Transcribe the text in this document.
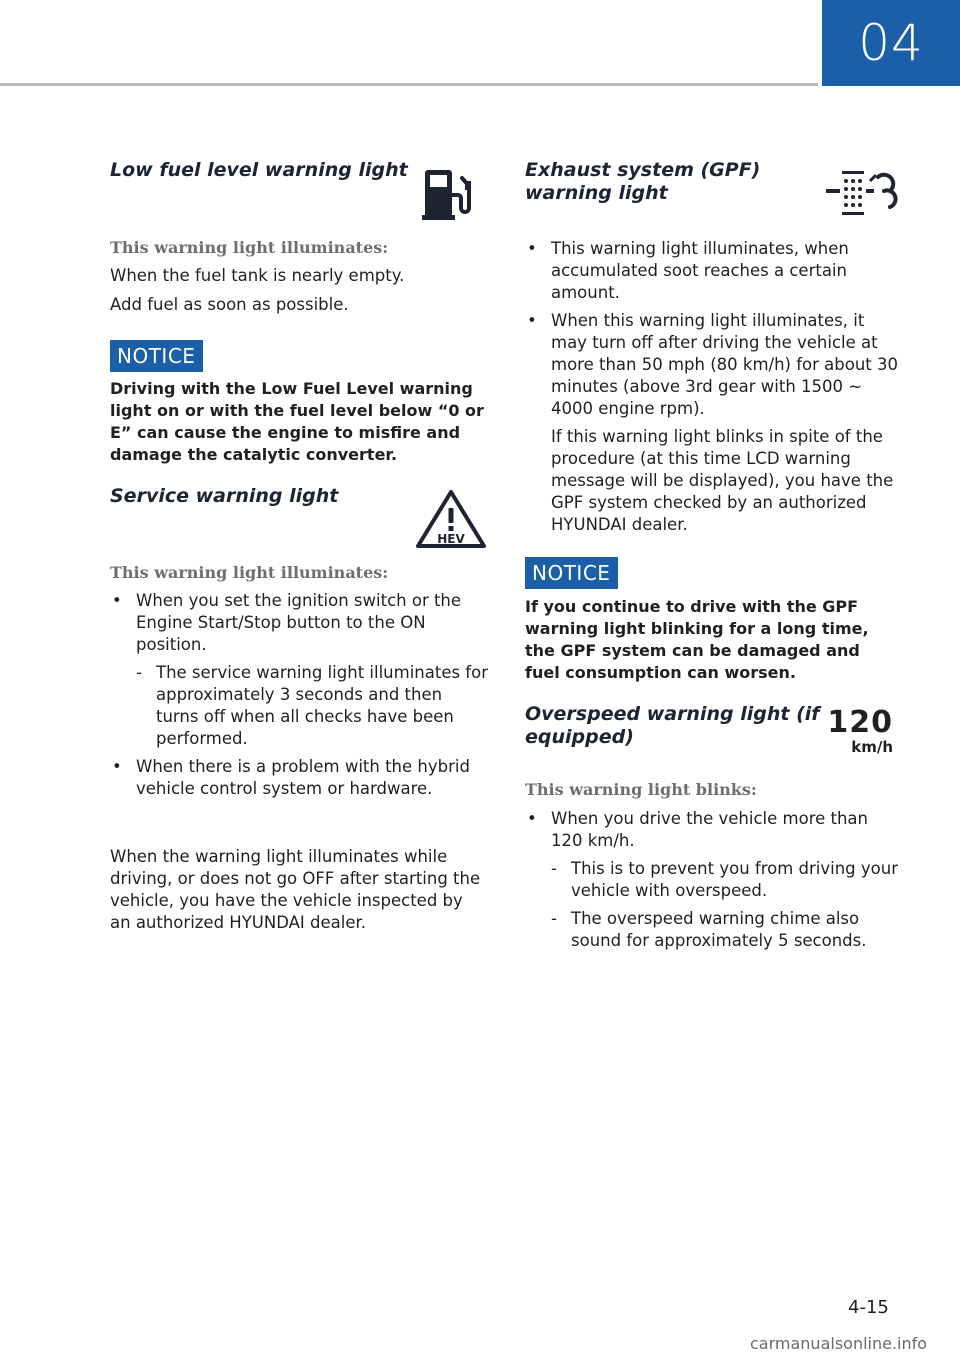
04
Low fuel level warning light
This warning light illuminates:
When the fuel tank is nearly empty.
Add fuel as soon as possible.
NOTICE
Driving with the Low Fuel Level warning light on or with the fuel level below “0 or E” can cause the engine to misfire and damage the catalytic converter.
Service warning light
HEV
This warning light illuminates:
• When you set the ignition switch or the Engine Start/Stop button to the ON position.
- The service warning light illuminates for approximately 3 seconds and then turns off when all checks have been performed.
• When there is a problem with the hybrid vehicle control system or hardware.
When the warning light illuminates while driving, or does not go OFF after starting the vehicle, you have the vehicle inspected by an authorized HYUNDAI dealer.
Exhaust system (GPF)
warning light
• This warning light illuminates, when accumulated soot reaches a certain amount.
• When this warning light illuminates, it may turn off after driving the vehicle at more than 50 mph (80 km/h) for about 30 minutes (above 3rd gear with 1500 ~ 4000 engine rpm).
If this warning light blinks in spite of the procedure (at this time LCD warning message will be displayed), you have the GPF system checked by an authorized HYUNDAI dealer.
NOTICE
If you continue to drive with the GPF warning light blinking for a long time, the GPF system can be damaged and fuel consumption can worsen.
Overspeed warning light (if
equipped)	120
km/h
This warning light blinks:
• When you drive the vehicle more than 120 km/h.
- This is to prevent you from driving your vehicle with overspeed.
- The overspeed warning chime also sound for approximately 5 seconds.
4-15
carmanualsonline.info
